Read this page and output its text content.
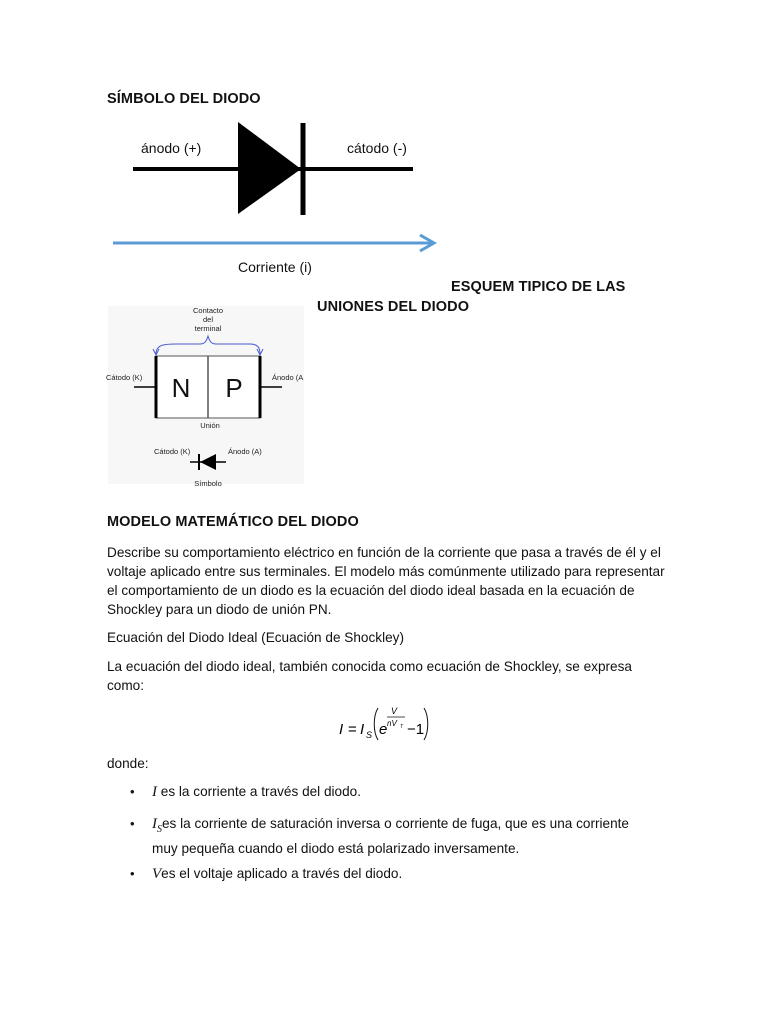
SÍMBOLO DEL DIODO
ánodo (+)	cátodo (-)
Corriente (i)
ESQUEM TIPICO DE LAS
UNIONES DEL DIODO
Contacto
del
terminal
N P
Cátodo (K)	Ánodo (A
Unión
Cátodo (K)	Ánodo (A)
Símbolo
MODELO MATEMÁTICO DEL DIODO
Describe su comportamiento eléctrico en función de la corriente que pasa a través de él y el voltaje aplicado entre sus terminales. El modelo más comúnmente utilizado para representar el comportamiento de un diodo es la ecuación del diodo ideal basada en la ecuación de Shockley para un diodo de unión PN.
Ecuación del Diodo Ideal (Ecuación de Shockley)
La ecuación del diodo ideal, también conocida como ecuación de Shockley, se expresa como:
I = I S e
V
nV T −1
donde:
• I es la corriente a través del diodo.
• $I_Ses$ la corriente de saturación inversa o corriente de fuga, que es una corriente muy pequeña cuando el diodo está polarizado inversamente.
• Ves el voltaje aplicado a través del diodo.
